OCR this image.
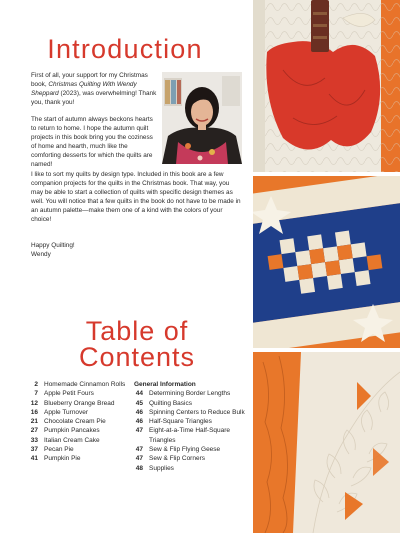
Introduction

First of all, your support for my Christmas book, Christmas Quilting With Wendy Sheppard (2023), was overwhelming! Thank you, thank you!

The start of autumn always beckons hearts to return to home. I hope the autumn quilt projects in this book bring you the coziness of home and hearth, much like the comforting desserts for which the quilts are named!

I like to sort my quilts by design type. Included in this book are a few companion projects for the quilts in the Christmas book. That way, you may be able to start a collection of quilts with specific design themes as well. You will notice that a few quilts in the book do not have to be made in an autumn palette—make them one of a kind with the colors of your choice!

Happy Quilting!
Wendy

Table of
Contents
2 Homemade Cinnamon Rolls
7 Apple Petit Fours
12 Blueberry Orange Bread
16 Apple Turnover
21 Chocolate Cream Pie
27 Pumpkin Pancakes
33 Italian Cream Cake
37 Pecan Pie
41 Pumpkin Pie
General Information
44 Determining Border Lengths
45 Quilting Basics
46 Spinning Centers to Reduce Bulk
46 Half-Square Triangles
47 Eight-at-a-Time Half-Square Triangles
47 Sew & Flip Flying Geese
47 Sew & Flip Corners
48 Supplies
